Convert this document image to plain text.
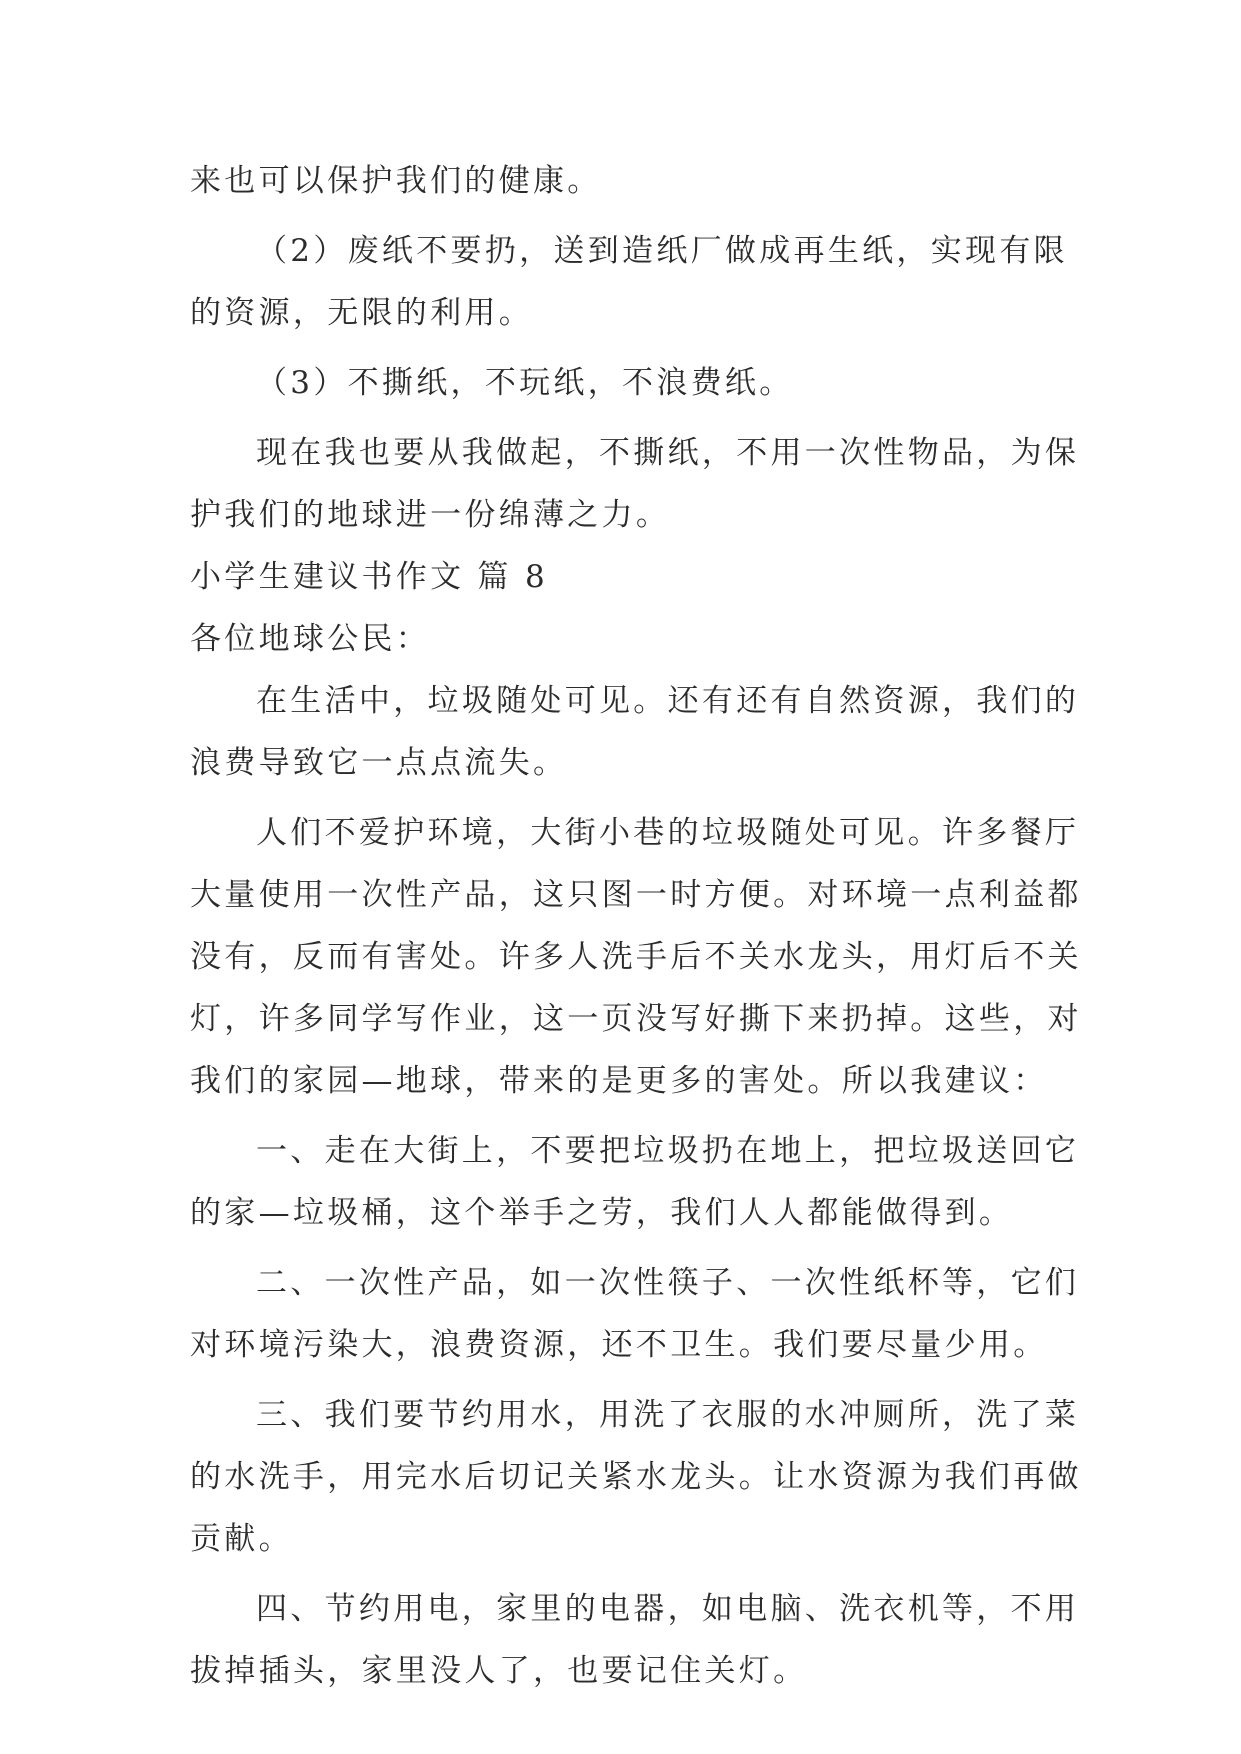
来也可以保护我们的健康。
（2）废纸不要扔，送到造纸厂做成再生纸，实现有限
的资源，无限的利用。
（3）不撕纸，不玩纸，不浪费纸。
现在我也要从我做起，不撕纸，不用一次性物品，为保
护我们的地球进一份绵薄之力。
小学生建议书作文 篇 8
各位地球公民：
在生活中，垃圾随处可见。还有还有自然资源，我们的
浪费导致它一点点流失。
人们不爱护环境，大街小巷的垃圾随处可见。许多餐厅
大量使用一次性产品，这只图一时方便。对环境一点利益都
没有，反而有害处。许多人洗手后不关水龙头，用灯后不关
灯，许多同学写作业，这一页没写好撕下来扔掉。这些，对
我们的家园—地球，带来的是更多的害处。所以我建议：
一、走在大街上，不要把垃圾扔在地上，把垃圾送回它
的家—垃圾桶，这个举手之劳，我们人人都能做得到。
二、一次性产品，如一次性筷子、一次性纸杯等，它们
对环境污染大，浪费资源，还不卫生。我们要尽量少用。
三、我们要节约用水，用洗了衣服的水冲厕所，洗了菜
的水洗手，用完水后切记关紧水龙头。让水资源为我们再做
贡献。
四、节约用电，家里的电器，如电脑、洗衣机等，不用
拔掉插头，家里没人了，也要记住关灯。
